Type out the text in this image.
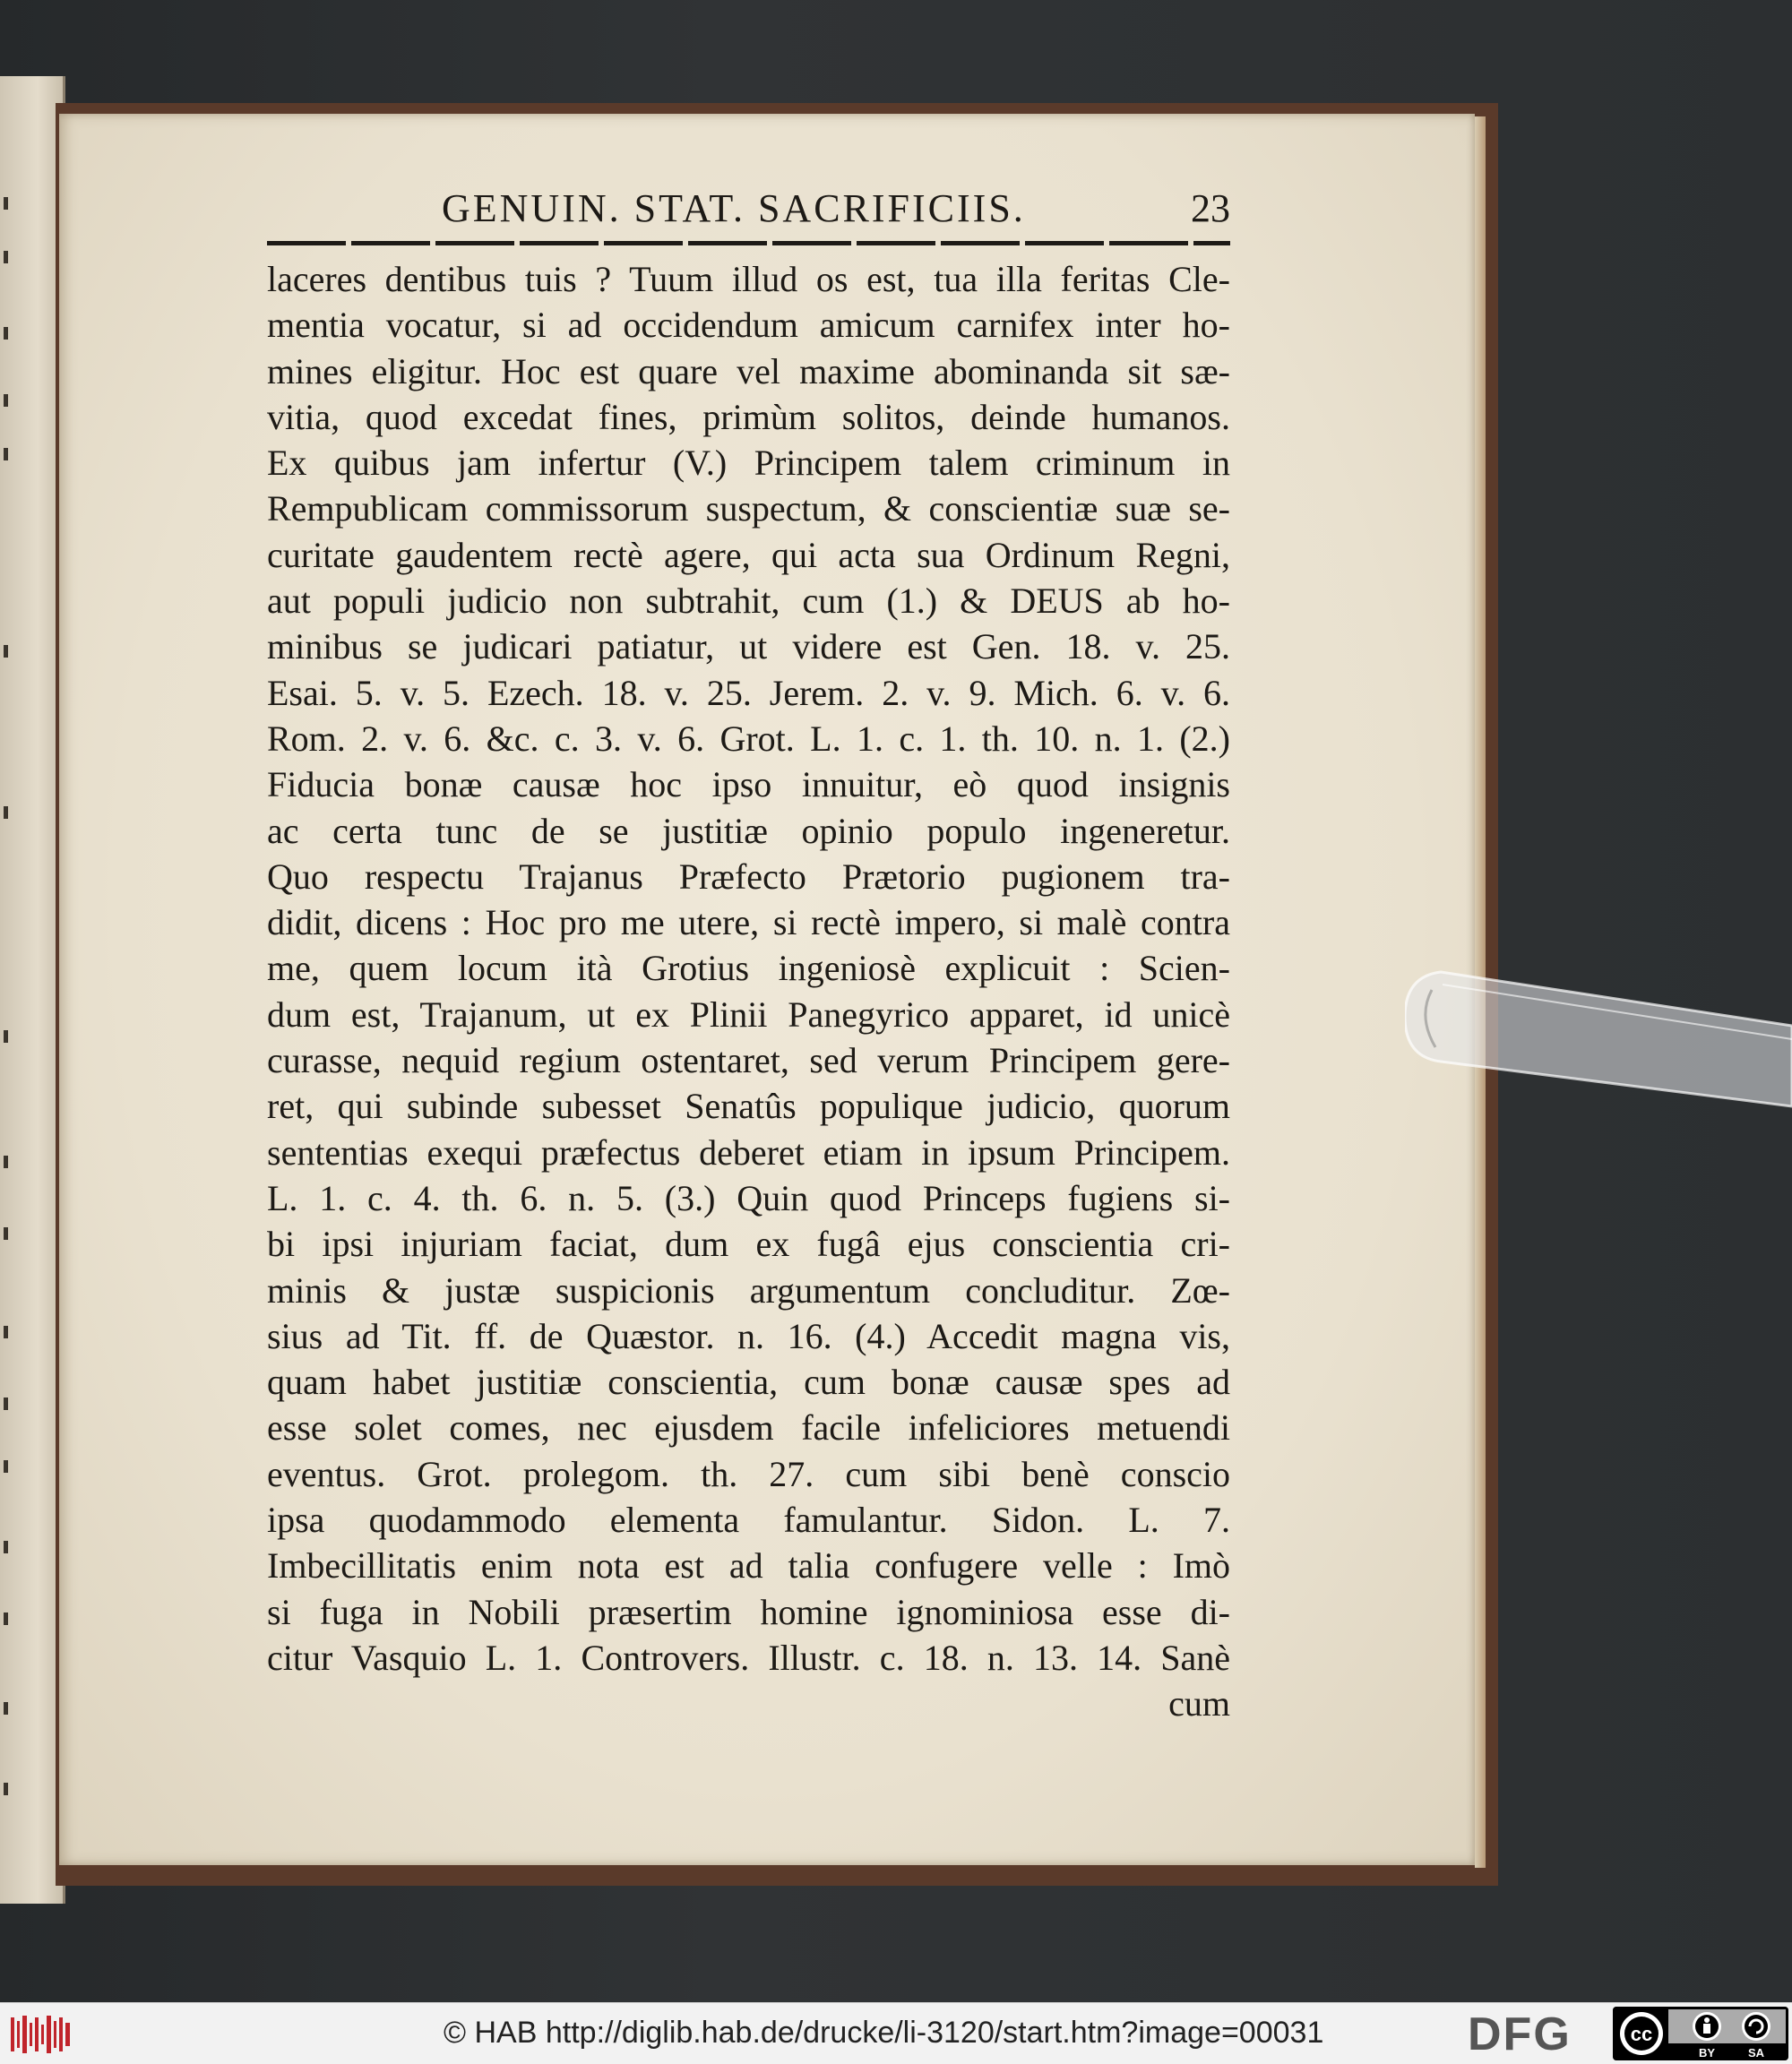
GENUIN. STAT. SACRIFICIIS.	23
laceres dentibus tuis ? Tuum illud os est, tua illa feritas Cle-
mentia vocatur, si ad occidendum amicum carnifex inter ho-
mines eligitur. Hoc est quare vel maxime abominanda sit sæ-
vitia, quod excedat fines, primùm solitos, deinde humanos.
Ex quibus jam infertur (V.) Principem talem criminum in
Rempublicam commissorum suspectum, & conscientiæ suæ se-
curitate gaudentem rectè agere, qui acta sua Ordinum Regni,
aut populi judicio non subtrahit, cum (1.) & DEUS ab ho-
minibus se judicari patiatur, ut videre est Gen. 18. v. 25.
Esai. 5. v. 5. Ezech. 18. v. 25. Jerem. 2. v. 9. Mich. 6. v. 6.
Rom. 2. v. 6. &c. c. 3. v. 6. Grot. L. 1. c. 1. th. 10. n. 1. (2.)
Fiducia bonæ causæ hoc ipso innuitur, eò quod insignis
ac certa tunc de se justitiæ opinio populo ingeneretur.
Quo respectu Trajanus Præfecto Prætorio pugionem tra-
didit, dicens : Hoc pro me utere, si rectè impero, si malè contra
me, quem locum ità Grotius ingeniosè explicuit : Scien-
dum est, Trajanum, ut ex Plinii Panegyrico apparet, id unicè
curasse, nequid regium ostentaret, sed verum Principem gere-
ret, qui subinde subesset Senatûs populique judicio, quorum
sententias exequi præfectus deberet etiam in ipsum Principem.
L. 1. c. 4. th. 6. n. 5. (3.) Quin quod Princeps fugiens si-
bi ipsi injuriam faciat, dum ex fugâ ejus conscientia cri-
minis & justæ suspicionis argumentum concluditur. Zœ-
sius ad Tit. ff. de Quæstor. n. 16. (4.) Accedit magna vis,
quam habet justitiæ conscientia, cum bonæ causæ spes ad
esse solet comes, nec ejusdem facile infeliciores metuendi
eventus. Grot. prolegom. th. 27. cum sibi benè conscio
ipsa quodammodo elementa famulantur. Sidon. L. 7.
Imbecillitatis enim nota est ad talia confugere velle : Imò
si fuga in Nobili præsertim homine ignominiosa esse di-
citur Vasquio L. 1. Controvers. Illustr. c. 18. n. 13. 14. Sanè
cum
© HAB http://diglib.hab.de/drucke/li-3120/start.htm?image=00031	DFG	cc
BY	SA
